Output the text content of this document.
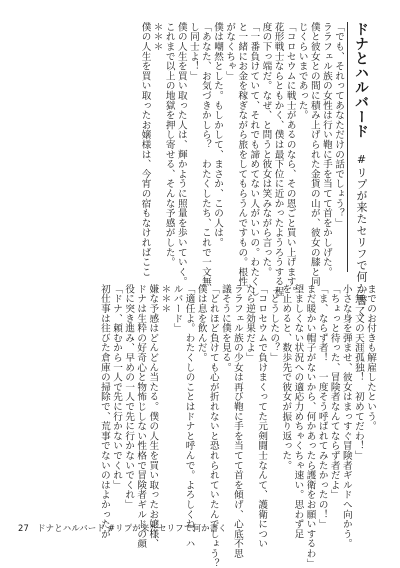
ドナとハルバード #リプが来たセリフで何か書く
「でも、それってあなただけの話でしょう？」
ララフェル族の女性は行い鞄に手を当てて首をかしげた。
僕と彼女との間に積み上げられた金貨の山が、彼女の膝と同
じくらいまであった。
「コロセウムに戦士があるのなら、その恩ごと買い上げます。
花形戦士ならともかく、僕は最下位に近かったようろうする程
度の下っ端だ。なぜ、と問うと彼女は笑みながら言った。
「一番負けていて、それでも諦めてない人がいいの。わたくし
と一緒にお金を稼ぎながら旅をしてもらうんですもの。根性
がなくちゃ」
僕は嘲然とした。もしかして、まさか、この人は。
「あなた、お気づきかしら？　わたくしたち、これで一文無
し同士よ！」
僕の人生を買い取った人は、輝かように照量を歩いていく。
これまで以上の地獄を押し寄せる、そんな予感がした。
＊＊＊
僕の人生を買い取ったお嬢様は、今宵の宿もなければここ
までのお付きも解雇したという。
「無一文の天涯孤独！　初めてだわ！」
小さな身を弾ませ、彼女はまっすぐ冒険者ギルドへ向かう。
「ちょっと待った、冒険者なんてならず者だよ」
「ま、ならず者！　一度そう呼ばれてみたかったの！」
まだ暖かい帽子がないから、何かあったら護衛をお願いするわ」
望ましくない状況への適応力めちゃくちゃ速い。思わず足
を止めると、数歩先で彼女が振り返った。
「どうしたの？」
「コロセウムで負けまくってた元剣闘士なんて、護衛につい
たら逆効果だよ」
ララフェル族の少女は再び鞄に手を当てて首を傾げ、心底不思
議そうに僕を見る。
「どれほど負けても心が折れないと恐れられていたんでしょう？
僕は息を飲んだ。
「適任よ。わたくしのことはドナと呼んで。よろしくね、ハ
ルバード」
＊＊＊
嫌な予感はどんどん当たる。僕の人生を買い取ったお嬢様、
ドナは生粋の好奇心と物怖じしない性格で冒険者ギルドの顔
役に突き進み、早めの一人で先に行かないでくれ」
「ドナ、頼むから一人で先に行かないでくれ」
初仕事は往びた倉庫の掃除で、荒事でないのはよかったが
27 ドナとハルバード #リプが来たセリフで何か書く
